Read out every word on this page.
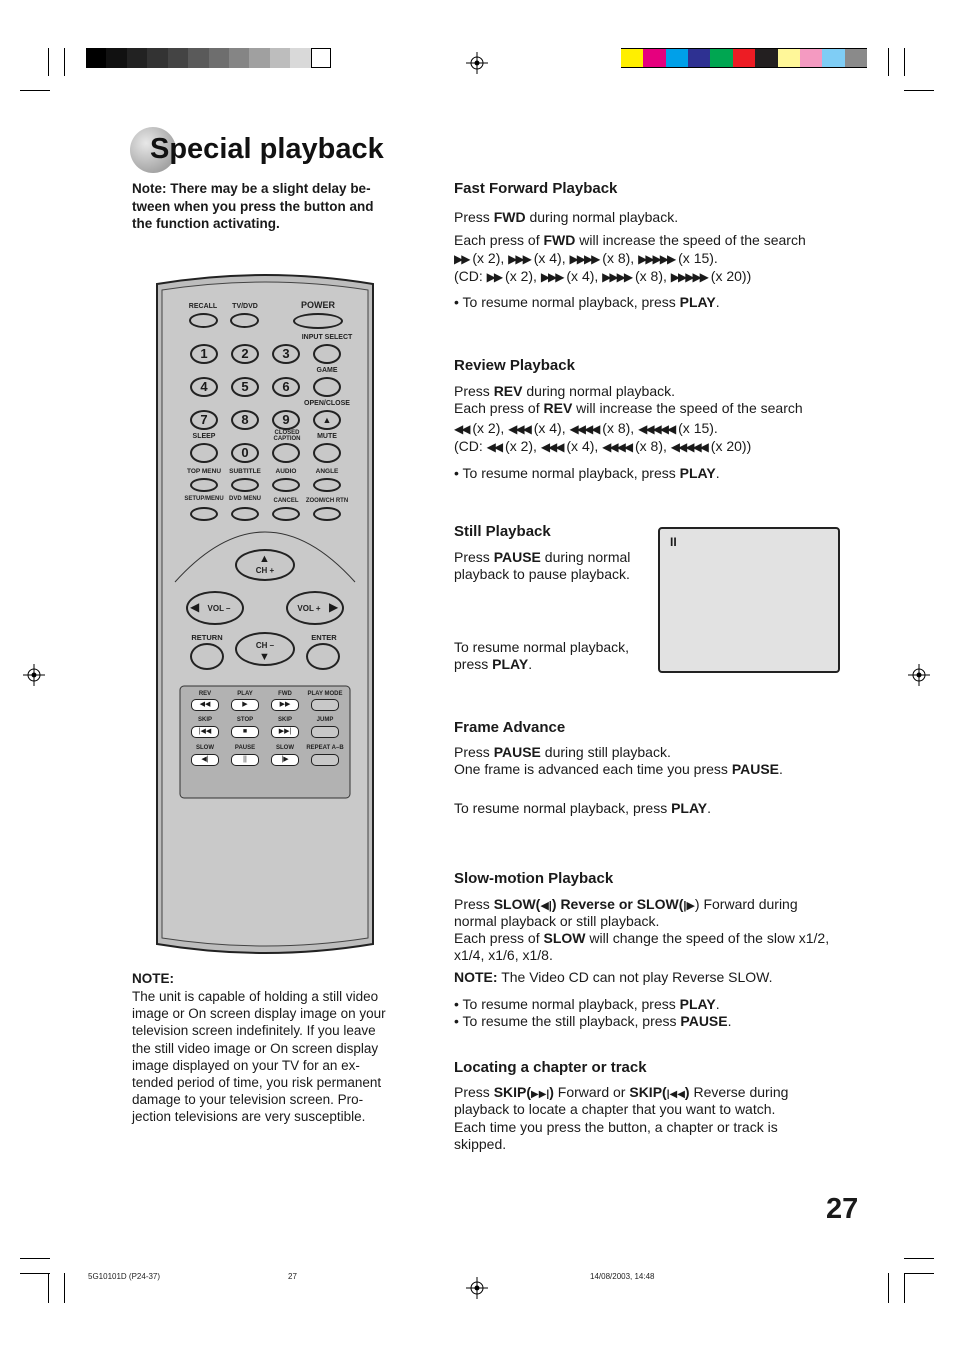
Special playback
Note: There may be a slight delay be-tween when you press the button and the function activating.
RECALL TV/DVD	POWER
INPUT SELECT
1	2	3
GAME
4	5	6
OPEN/CLOSE
7	8	9	▲
SLEEP	CLOSED
CAPTION MUTE
0
TOP MENU SUBTITLE AUDIO	ANGLE
SETUP/MENU DVD MENU CANCEL ZOOM/CH RTN
▲
CH +
◀ VOL –	▶
VOL +
RETURN	ENTER
CH –
▼
REV	PLAY	FWD	PLAY MODE
◀◀	▶	▶▶
SKIP	STOP	SKIP	JUMP
|◀◀	■	▶▶|
SLOW	PAUSE	SLOW REPEAT A–B
◀|	||	|▶
NOTE:
The unit is capable of holding a still video
image or On screen display image on your
television screen indefinitely. If you leave
the still video image or On screen display
image displayed on your TV for an ex-
tended period of time, you risk permanent
damage to your television screen. Pro-
jection televisions are very susceptible.
Fast Forward Playback
Press FWD during normal playback.
Each press of FWD will increase the speed of the search
▶▶ (x 2), ▶▶▶ (x 4), ▶▶▶▶ (x 8), ▶▶▶▶▶ (x 15).
(CD: ▶▶ (x 2), ▶▶▶ (x 4), ▶▶▶▶ (x 8), ▶▶▶▶▶ (x 20))
• To resume normal playback, press PLAY.
Review Playback
Press REV during normal playback.
Each press of REV will increase the speed of the search
◀◀ (x 2), ◀◀◀ (x 4), ◀◀◀◀ (x 8), ◀◀◀◀◀ (x 15).
(CD: ◀◀ (x 2), ◀◀◀ (x 4), ◀◀◀◀ (x 8), ◀◀◀◀◀ (x 20))
• To resume normal playback, press PLAY.
Still Playback
Press PAUSE during normal
playback to pause playback.
To resume normal playback,
press PLAY.
II
Frame Advance
Press PAUSE during still playback.
One frame is advanced each time you press PAUSE.
To resume normal playback, press PLAY.
Slow-motion Playback
Press SLOW(◀|) Reverse or SLOW(|▶) Forward during
normal playback or still playback.
Each press of SLOW will change the speed of the slow x1/2,
x1/4, x1/6, x1/8.
NOTE: The Video CD can not play Reverse SLOW.
• To resume normal playback, press PLAY.
• To resume the still playback, press PAUSE.
Locating a chapter or track
Press SKIP(▶▶|) Forward or SKIP(|◀◀) Reverse during
playback to locate a chapter that you want to watch.
Each time you press the button, a chapter or track is
skipped.
27
5G10101D (P24-37)	27	14/08/2003, 14:48
